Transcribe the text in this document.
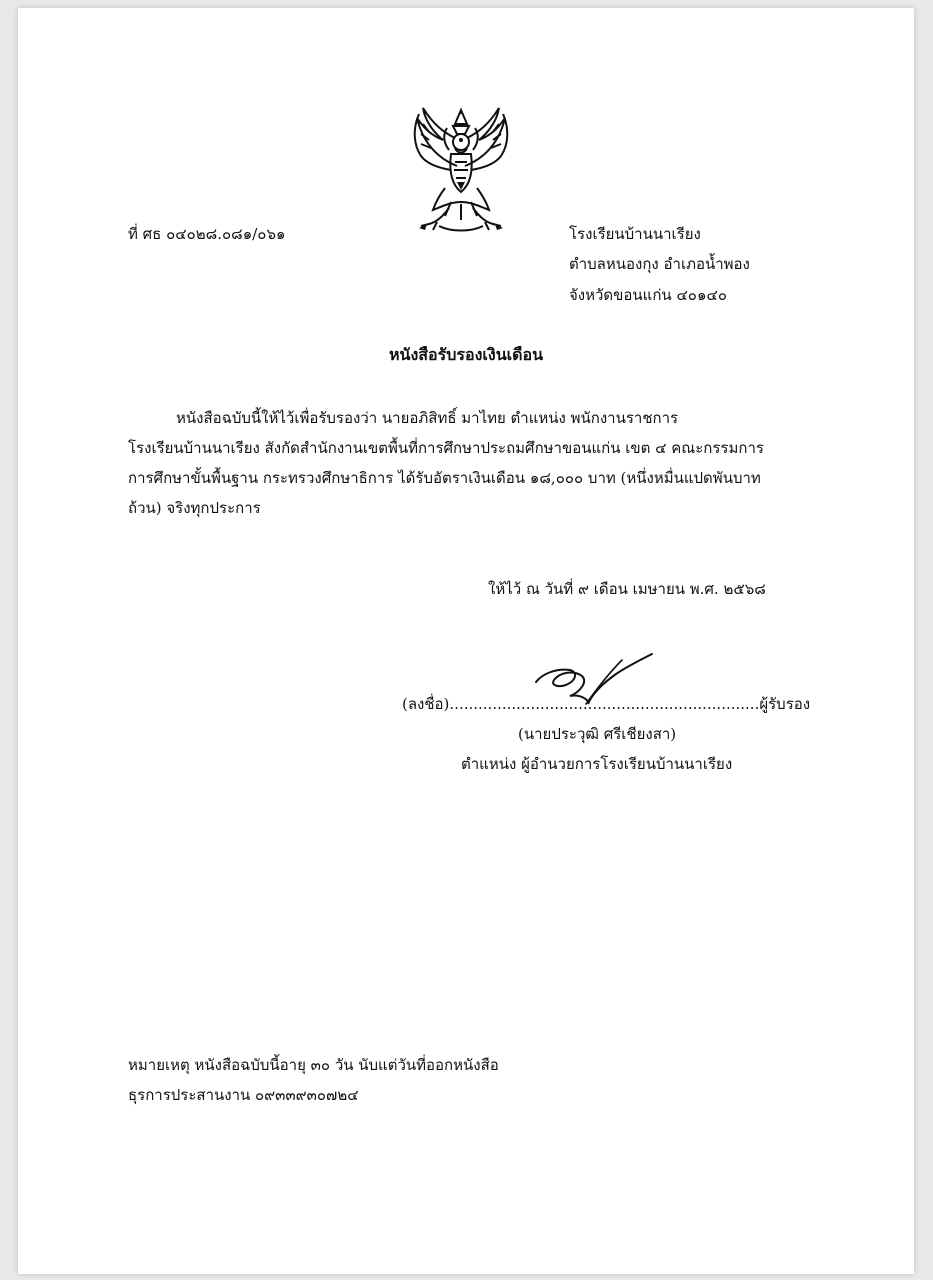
ที่ ศธ ๐๔๐๒๘.๐๘๑/๐๖๑	โรงเรียนบ้านนาเรียง
ตำบลหนองกุง อำเภอน้ำพอง
จังหวัดขอนแก่น ๔๐๑๔๐
หนังสือรับรองเงินเดือน
หนังสือฉบับนี้ให้ไว้เพื่อรับรองว่า นายอภิสิทธิ์ มาไทย ตำแหน่ง พนักงานราชการ
โรงเรียนบ้านนาเรียง สังกัดสำนักงานเขตพื้นที่การศึกษาประถมศึกษาขอนแก่น เขต ๔ คณะกรรมการ
การศึกษาขั้นพื้นฐาน กระทรวงศึกษาธิการ ได้รับอัตราเงินเดือน ๑๘,๐๐๐ บาท (หนึ่งหมื่นแปดพันบาท
ถ้วน) จริงทุกประการ
ให้ไว้ ณ วันที่ ๙ เดือน เมษายน พ.ศ. ๒๕๖๘
(ลงชื่อ).................................................................ผู้รับรอง
(นายประวุฒิ ศรีเชียงสา)
ตำแหน่ง ผู้อำนวยการโรงเรียนบ้านนาเรียง
หมายเหตุ หนังสือฉบับนี้อายุ ๓๐ วัน นับแต่วันที่ออกหนังสือ
ธุรการประสานงาน ๐๙๓๓๙๓๐๗๒๔
